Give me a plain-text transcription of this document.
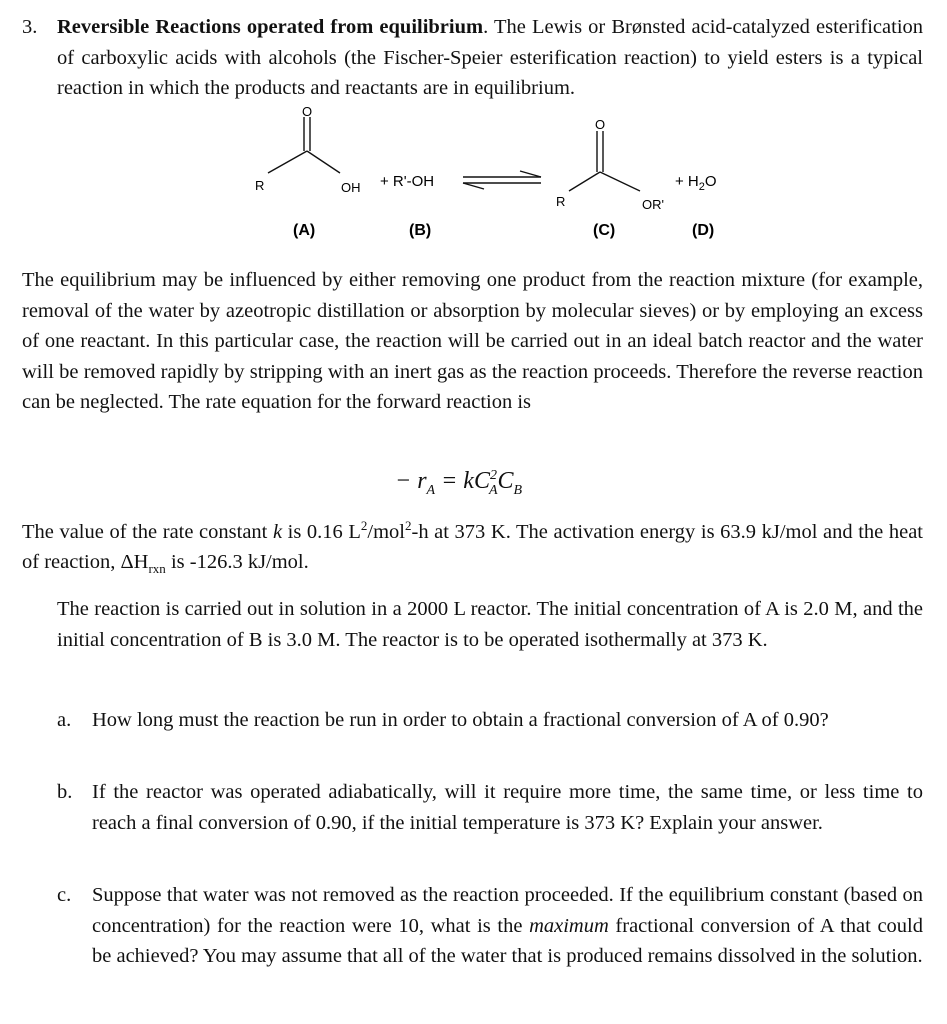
3. Reversible Reactions operated from equilibrium. The Lewis or Brønsted acid-catalyzed esterification of carboxylic acids with alcohols (the Fischer-Speier esterification reaction) to yield esters is a typical reaction in which the products and reactants are in equilibrium.
R	OH
O
+ R'-OH
R	OR'
O
+ $H_2O$
(A)	(B)	(C)	(D)
The equilibrium may be influenced by either removing one product from the reaction mixture (for example, removal of the water by azeotropic distillation or absorption by molecular sieves) or by employing an excess of one reactant. In this particular case, the reaction will be carried out in an ideal batch reactor and the water will be removed rapidly by stripping with an inert gas as the reaction proceeds. Therefore the reverse reaction can be neglected. The rate equation for the forward reaction is
− $r_A = kC^2_AC_B$
The value of the rate constant k is 0.16 $L^2/mol^2-h$ at 373 K. The activation energy is 63.9 kJ/mol and the heat of reaction, $\Delta H_{rxn}$ is -126.3 kJ/mol.
The reaction is carried out in solution in a 2000 L reactor. The initial concentration of A is 2.0 M, and the initial concentration of B is 3.0 M. The reactor is to be operated isothermally at 373 K.
a.	How long must the reaction be run in order to obtain a fractional conversion of A of 0.90?
b. If the reactor was operated adiabatically, will it require more time, the same time, or less time to reach a final conversion of 0.90, if the initial temperature is 373 K? Explain your answer.
c.	Suppose that water was not removed as the reaction proceeded. If the equilibrium constant (based on concentration) for the reaction were 10, what is the maximum fractional conversion of A that could be achieved? You may assume that all of the water that is produced remains dissolved in the solution.
